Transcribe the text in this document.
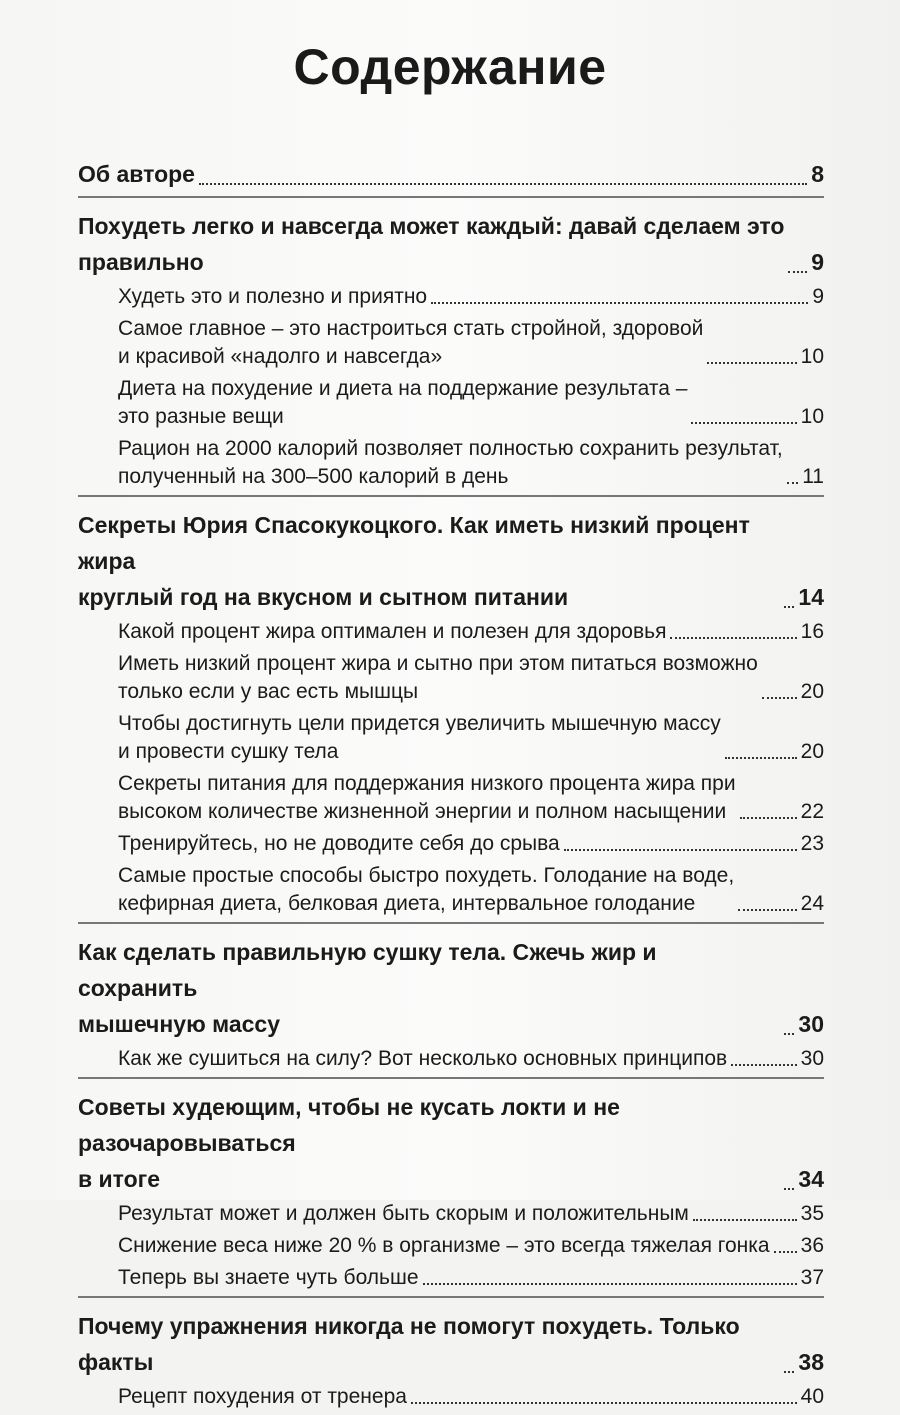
Содержание
Об авторе	8
Похудеть легко и навсегда может каждый: давай сделаем это
правильно	9
Худеть это и полезно и приятно	9
Самое главное – это настроиться стать стройной, здоровой
и красивой «надолго и навсегда»	10
Диета на похудение и диета на поддержание результата –
это разные вещи	10
Рацион на 2000 калорий позволяет полностью сохранить результат,
полученный на 300–500 калорий в день	11
Секреты Юрия Спасокукоцкого. Как иметь низкий процент жира
круглый год на вкусном и сытном питании	14
Какой процент жира оптимален и полезен для здоровья	16
Иметь низкий процент жира и сытно при этом питаться возможно
только если у вас есть мышцы	20
Чтобы достигнуть цели придется увеличить мышечную массу
и провести сушку тела	20
Секреты питания для поддержания низкого процента жира при
высоком количестве жизненной энергии и полном насыщении	22
Тренируйтесь, но не доводите себя до срыва	23
Самые простые способы быстро похудеть. Голодание на воде,
кефирная диета, белковая диета, интервальное голодание	24
Как сделать правильную сушку тела. Сжечь жир и сохранить
мышечную массу	30
Как же сушиться на силу? Вот несколько основных принципов	30
Советы худеющим, чтобы не кусать локти и не разочаровываться
в итоге	34
Результат может и должен быть скорым и положительным	35
Снижение веса ниже 20 % в организме – это всегда тяжелая гонка 36
Теперь вы знаете чуть больше	37
Почему упражнения никогда не помогут похудеть. Только факты	38
Рецепт похудения от тренера	40
